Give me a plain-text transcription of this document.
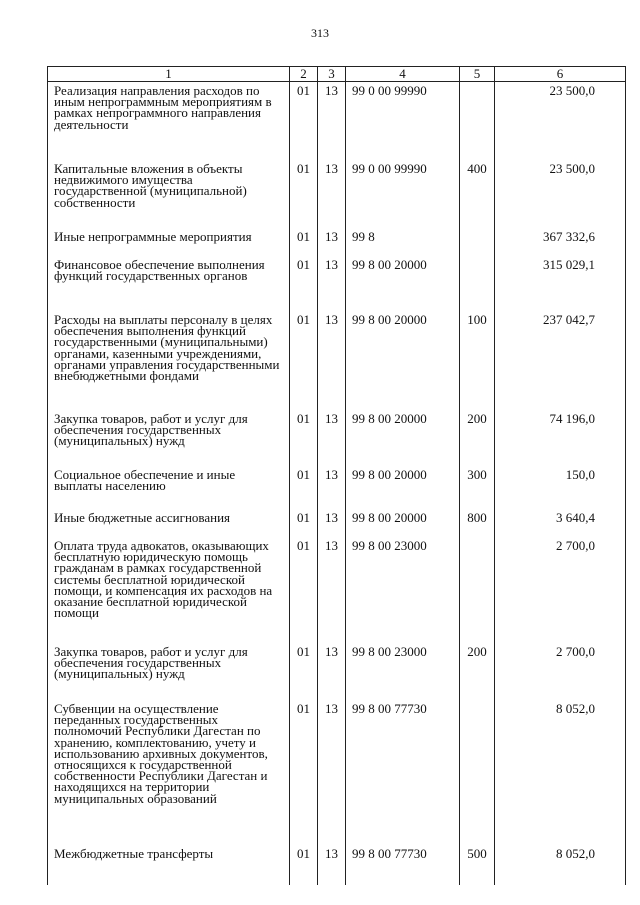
313
1	2	3	4	5	6
Реализация направления расходов по иным непрограммным мероприятиям в рамках непрограммного направления деятельности	01	13	99 0 00 99990		23 500,0
Капитальные вложения в объекты недвижимого имущества государственной (муниципальной) собственности	01	13	99 0 00 99990	400	23 500,0
Иные непрограммные мероприятия	01	13	99 8		367 332,6
Финансовое обеспечение выполнения функций государственных органов	01	13	99 8 00 20000		315 029,1
Расходы на выплаты персоналу в целях обеспечения выполнения функций государственными (муниципальными) органами, казенными учреждениями, органами управления государственными внебюджетными фондами	01	13	99 8 00 20000	100	237 042,7
Закупка товаров, работ и услуг для обеспечения государственных (муниципальных) нужд	01	13	99 8 00 20000	200	74 196,0
Социальное обеспечение и иные выплаты населению	01	13	99 8 00 20000	300	150,0
Иные бюджетные ассигнования	01	13	99 8 00 20000	800	3 640,4
Оплата труда адвокатов, оказывающих бесплатную юридическую помощь гражданам в рамках государственной системы бесплатной юридической помощи, и компенсация их расходов на оказание бесплатной юридической помощи	01	13	99 8 00 23000		2 700,0
Закупка товаров, работ и услуг для обеспечения государственных (муниципальных) нужд	01	13	99 8 00 23000	200	2 700,0
Субвенции на осуществление переданных государственных полномочий Республики Дагестан по хранению, комплектованию, учету и использованию архивных документов, относящихся к государственной собственности Республики Дагестан и находящихся на территории муниципальных образований	01	13	99 8 00 77730		8 052,0
Межбюджетные трансферты	01	13	99 8 00 77730	500	8 052,0
